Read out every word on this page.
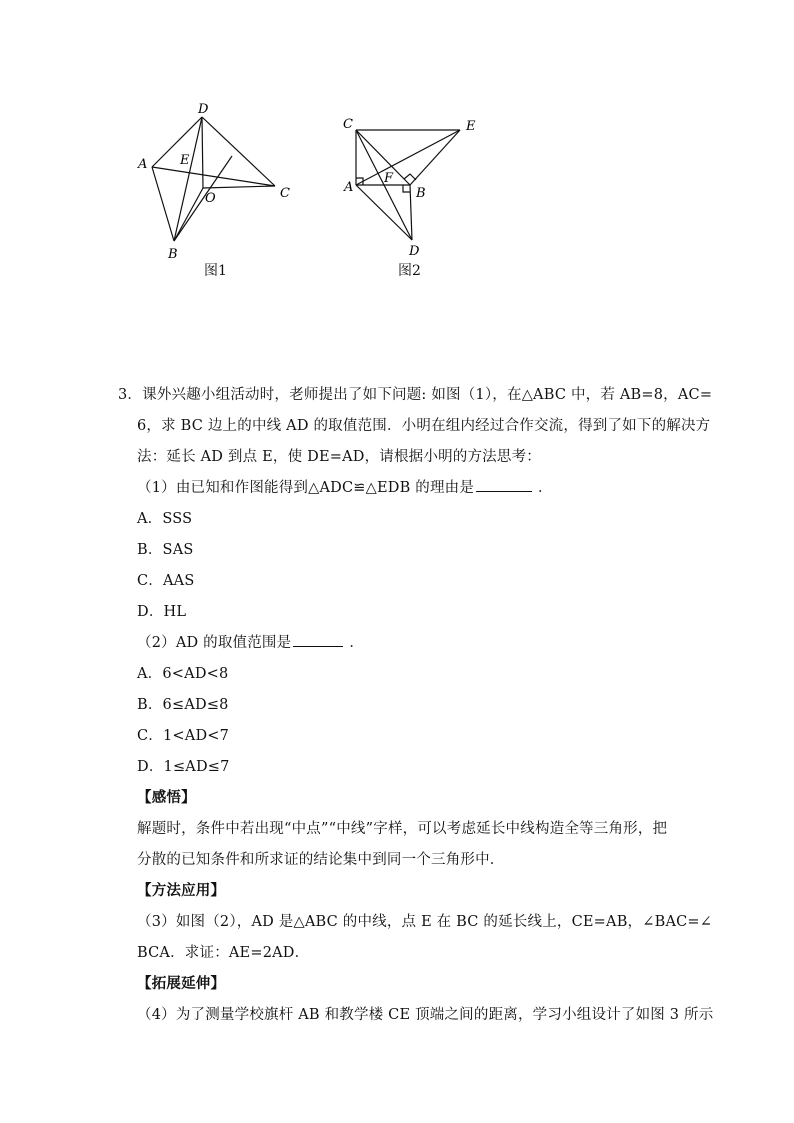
D
A	E
O	C
B
C	E
A
F
B
D
图1	图2
3．课外兴趣小组活动时，老师提出了如下问题: 如图（1），在△ABC 中，若 AB=8，AC=
6，求 BC 边上的中线 AD 的取值范围．小明在组内经过合作交流，得到了如下的解决方
法：延长 AD 到点 E，使 DE=AD，请根据小明的方法思考：
（1）由已知和作图能得到△ADC≌△EDB 的理由是	．
A．SSS
B．SAS
C．AAS
D．HL
（2）AD 的取值范围是	．
A．6<AD<8
B．6≤AD≤8
C．1<AD<7
D．1≤AD≤7
【感悟】
解题时，条件中若出现“中点”“中线”字样，可以考虑延长中线构造全等三角形，把
分散的已知条件和所求证的结论集中到同一个三角形中．
【方法应用】
（3）如图（2），AD 是△ABC 的中线，点 E 在 BC 的延长线上，CE=AB，∠BAC=∠
BCA．求证：AE=2AD．
【拓展延伸】
（4）为了测量学校旗杆 AB 和教学楼 CE 顶端之间的距离，学习小组设计了如图 3 所示
